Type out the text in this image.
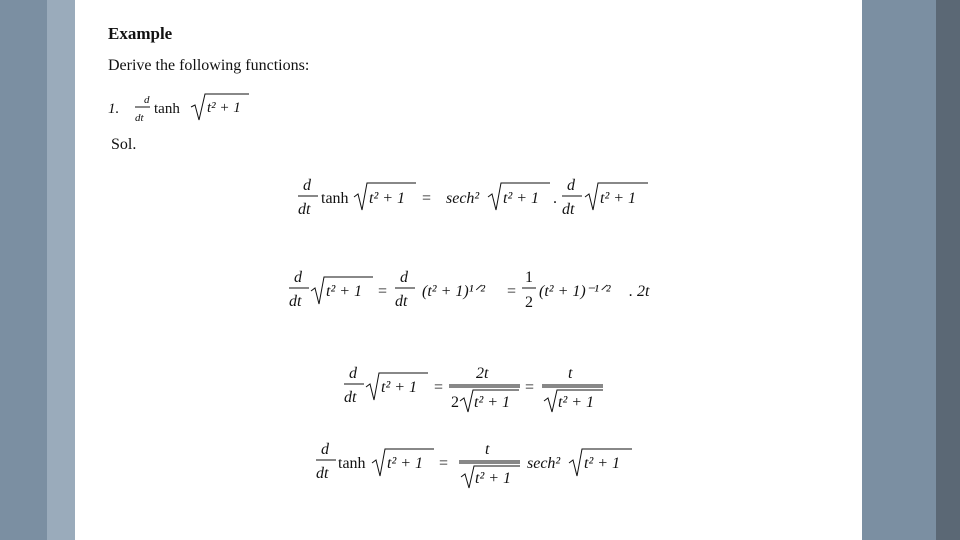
Example
Derive the following functions:
1.
d
dt
tanh t² + 1
Sol.
d
dt
tanh t² + 1 = sech² t² + 1 .
d
dt
t² + 1
d
dt
t² + 1 =
d
dt
(t² + 1)¹ᐟ² =
1
2
(t² + 1)⁻¹ᐟ² . 2t
d
dt
t² + 1 =
2t
2 t² + 1
=
t
t² + 1
d
dt
tanh t² + 1 =
t
t² + 1
sech² t² + 1
